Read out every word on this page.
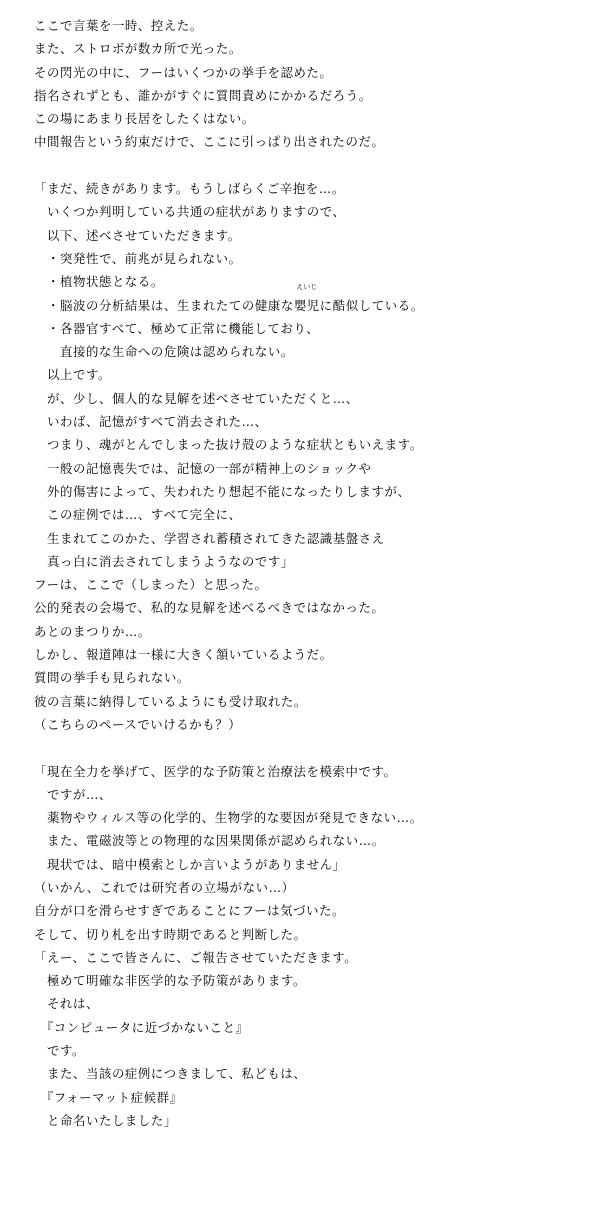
ここで言葉を一時、控えた。
また、ストロボが数カ所で光った。
その閃光の中に、フーはいくつかの挙手を認めた。
指名されずとも、誰かがすぐに質問責めにかかるだろう。
この場にあまり長居をしたくはない。
中間報告という約束だけで、ここに引っぱり出されたのだ。
「まだ、続きがあります。もうしばらくご辛抱を…。
　いくつか判明している共通の症状がありますので、
　以下、述べさせていただきます。
　・突発性で、前兆が見られない。
　・植物状態となる。
　・脳波の分析結果は、生まれたての健康な嬰児
えいじ
に酷似している。
　・各器官すべて、極めて正常に機能しており、
　　直接的な生命への危険は認められない。
　以上です。
　が、少し、個人的な見解を述べさせていただくと…、
　いわば、記憶がすべて消去された…、
　つまり、魂がとんでしまった抜け殻のような症状ともいえます。
　一般の記憶喪失では、記憶の一部が精神上のショックや
　外的傷害によって、失われたり想起不能になったりしますが、
　この症例では…、すべて完全に、
　生まれてこのかた、学習され蓄積されてきた認識基盤さえ
　真っ白に消去されてしまうようなのです」
フーは、ここで（しまった）と思った。
公的発表の会場で、私的な見解を述べるべきではなかった。
あとのまつりか…。
しかし、報道陣は一様に大きく頷いているようだ。
質問の挙手も見られない。
彼の言葉に納得しているようにも受け取れた。
（こちらのペースでいけるかも？）
「現在全力を挙げて、医学的な予防策と治療法を模索中です。
　ですが…、
　薬物やウィルス等の化学的、生物学的な要因が発見できない…。
　また、電磁波等との物理的な因果関係が認められない…。
　現状では、暗中模索としか言いようがありません」
（いかん、これでは研究者の立場がない…）
自分が口を滑らせすぎであることにフーは気づいた。
そして、切り札を出す時期であると判断した。
「えー、ここで皆さんに、ご報告させていただきます。
　極めて明確な非医学的な予防策があります。
　それは、
　『コンピュータに近づかないこと』
　です。
　また、当該の症例につきまして、私どもは、
　『フォーマット症候群』
　と命名いたしました」
